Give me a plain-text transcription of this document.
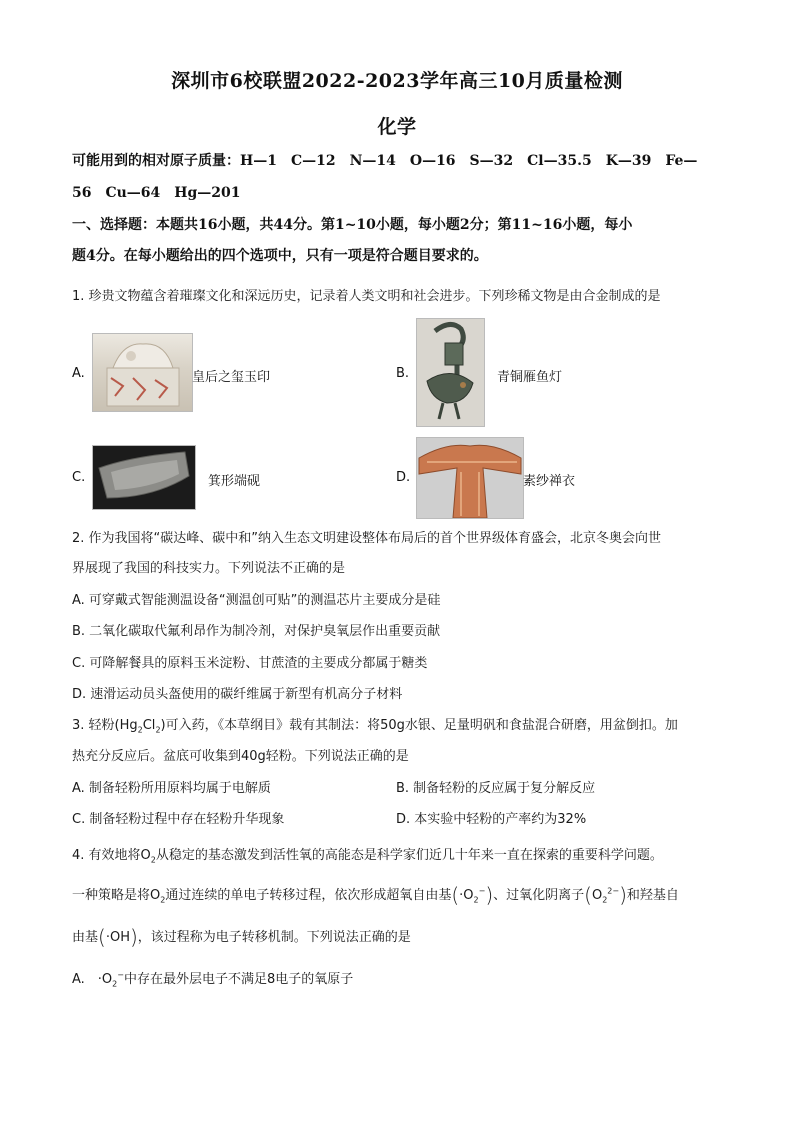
深圳市6校联盟2022-2023学年高三10月质量检测
化学
可能用到的相对原子质量：H—1　C—12　N—14　O—16　S—32　Cl—35.5　K—39　Fe—
56　Cu—64　Hg—201
一、选择题：本题共16小题，共44分。第1~10小题，每小题2分；第11~16小题，每小
题4分。在每小题给出的四个选项中，只有一项是符合题目要求的。
1. 珍贵文物蕴含着璀璨文化和深远历史，记录着人类文明和社会进步。下列珍稀文物是由合金制成的是
A.	皇后之玺玉印	B.	青铜雁鱼灯
C.	箕形端砚	D.	素纱禅衣
2. 作为我国将“碳达峰、碳中和”纳入生态文明建设整体布局后的首个世界级体育盛会，北京冬奥会向世
界展现了我国的科技实力。下列说法不正确的是
A. 可穿戴式智能测温设备“测温创可贴”的测温芯片主要成分是硅
B. 二氧化碳取代氟利昂作为制冷剂，对保护臭氧层作出重要贡献
C. 可降解餐具的原料玉米淀粉、甘蔗渣的主要成分都属于糖类
D. 速滑运动员头盔使用的碳纤维属于新型有机高分子材料
3. 轻粉$(Hg_2Cl_2)$可入药，《本草纲目》载有其制法：将50g水银、足量明矾和食盐混合研磨，用盆倒扣。加
热充分反应后。盆底可收集到40g轻粉。下列说法正确的是
A. 制备轻粉所用原料均属于电解质	B. 制备轻粉的反应属于复分解反应
C. 制备轻粉过程中存在轻粉升华现象	D. 本实验中轻粉的产率约为32%
4. 有效地将$O_2$从稳定的基态激发到活性氧的高能态是科学家们近几十年来一直在探索的重要科学问题。
一种策略是将$O_2$通过连续的单电子转移过程，依次形成超氧自由基$(\cdot O_2^-)$、过氧化阴离子$(O_2^{2-})$和羟基自
由基(·OH)，该过程称为电子转移机制。下列说法正确的是
A.　$\cdot O_2^-$中存在最外层电子不满足8电子的氧原子
